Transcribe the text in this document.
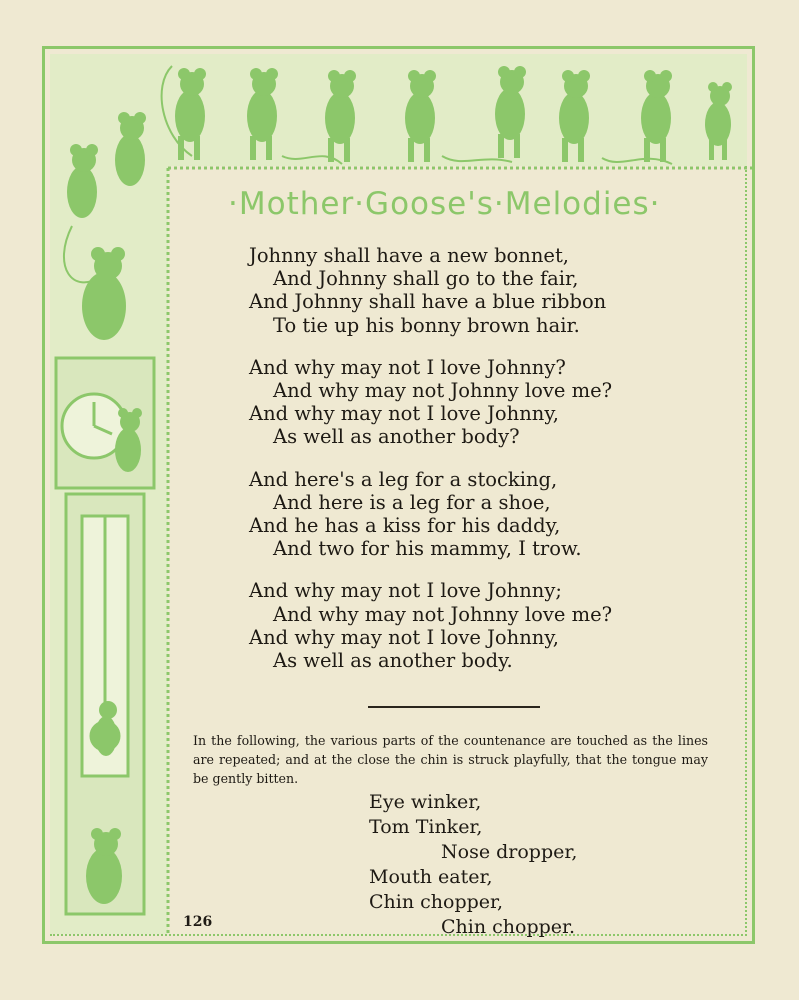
·Mother·Goose's·Melodies·
Johnny shall have a new bonnet,
And Johnny shall go to the fair,
And Johnny shall have a blue ribbon
To tie up his bonny brown hair.
And why may not I love Johnny?
And why may not Johnny love me?
And why may not I love Johnny,
As well as another body?
And here's a leg for a stocking,
And here is a leg for a shoe,
And he has a kiss for his daddy,
And two for his mammy, I trow.
And why may not I love Johnny;
And why may not Johnny love me?
And why may not I love Johnny,
As well as another body.
In the following, the various parts of the countenance are touched as the lines are repeated; and at the close the chin is struck playfully, that the tongue may be gently bitten.
Eye winker,
Tom Tinker,
Nose dropper,
Mouth eater,
Chin chopper,
Chin chopper.
126
